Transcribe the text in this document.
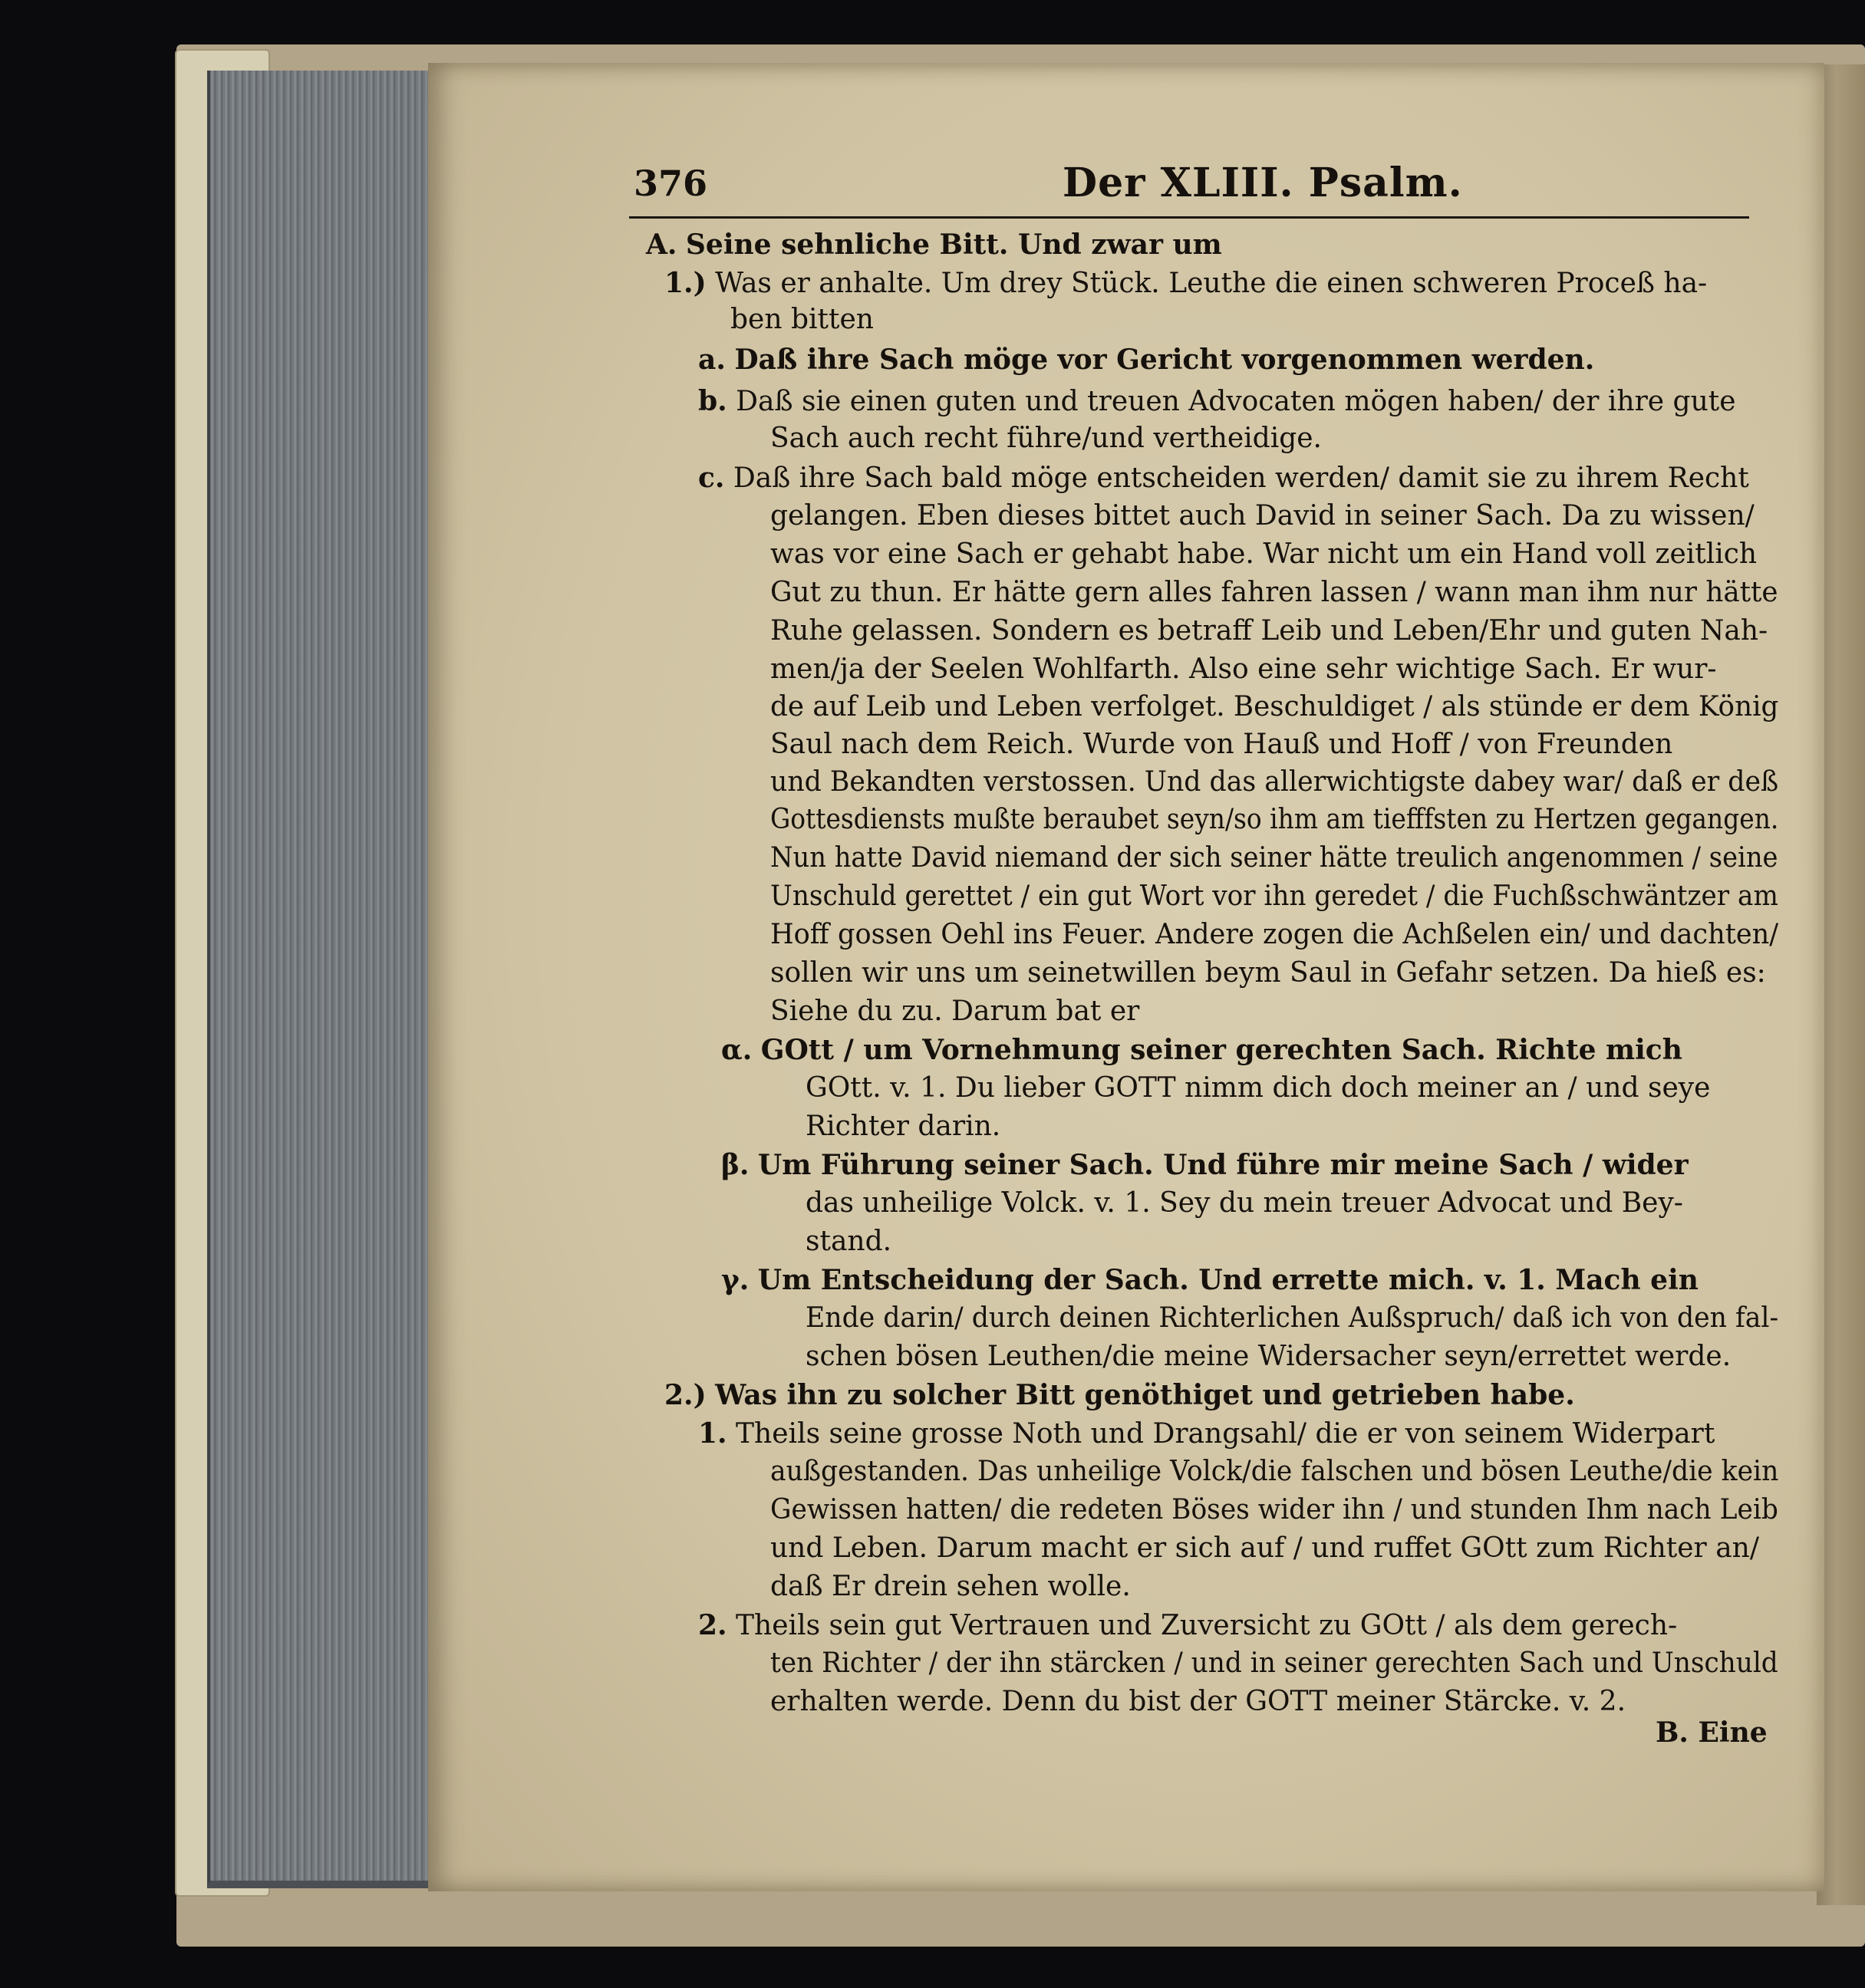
376	Der XLIII. Psalm.
A. Seine sehnliche Bitt. Und zwar um
1.) Was er anhalte. Um drey Stück. Leuthe die einen schweren Proceß ha-
ben bitten
a. Daß ihre Sach möge vor Gericht vorgenommen werden.
b. Daß sie einen guten und treuen Advocaten mögen haben/ der ihre gute
Sach auch recht führe/und vertheidige.
c. Daß ihre Sach bald möge entscheiden werden/ damit sie zu ihrem Recht
gelangen. Eben dieses bittet auch David in seiner Sach. Da zu wissen/
was vor eine Sach er gehabt habe. War nicht um ein Hand voll zeitlich
Gut zu thun. Er hätte gern alles fahren lassen / wann man ihm nur hätte
Ruhe gelassen. Sondern es betraff Leib und Leben/Ehr und guten Nah-
men/ja der Seelen Wohlfarth. Also eine sehr wichtige Sach. Er wur-
de auf Leib und Leben verfolget. Beschuldiget / als stünde er dem König
Saul nach dem Reich. Wurde von Hauß und Hoff / von Freunden
und Bekandten verstossen. Und das allerwichtigste dabey war/ daß er deß
Gottesdiensts mußte beraubet seyn/so ihm am tiefffsten zu Hertzen gegangen.
Nun hatte David niemand der sich seiner hätte treulich angenommen / seine
Unschuld gerettet / ein gut Wort vor ihn geredet / die Fuchßschwäntzer am
Hoff gossen Oehl ins Feuer. Andere zogen die Achßelen ein/ und dachten/
sollen wir uns um seinetwillen beym Saul in Gefahr setzen. Da hieß es:
Siehe du zu. Darum bat er
α. GOtt / um Vornehmung seiner gerechten Sach. Richte mich
GOtt. v. 1. Du lieber GOTT nimm dich doch meiner an / und seye
Richter darin.
β. Um Führung seiner Sach. Und führe mir meine Sach / wider
das unheilige Volck. v. 1. Sey du mein treuer Advocat und Bey-
stand.
γ. Um Entscheidung der Sach. Und errette mich. v. 1. Mach ein
Ende darin/ durch deinen Richterlichen Außspruch/ daß ich von den fal-
schen bösen Leuthen/die meine Widersacher seyn/errettet werde.
2.) Was ihn zu solcher Bitt genöthiget und getrieben habe.
1. Theils seine grosse Noth und Drangsahl/ die er von seinem Widerpart
außgestanden. Das unheilige Volck/die falschen und bösen Leuthe/die kein
Gewissen hatten/ die redeten Böses wider ihn / und stunden Ihm nach Leib
und Leben. Darum macht er sich auf / und ruffet GOtt zum Richter an/
daß Er drein sehen wolle.
2. Theils sein gut Vertrauen und Zuversicht zu GOtt / als dem gerech-
ten Richter / der ihn stärcken / und in seiner gerechten Sach und Unschuld
erhalten werde. Denn du bist der GOTT meiner Stärcke. v. 2.
B. Eine
